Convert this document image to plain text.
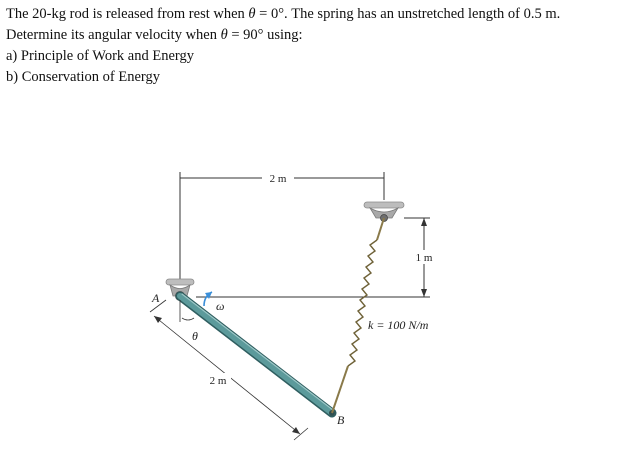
The 20-kg rod is released from rest when θ = 0°. The spring has an unstretched length of 0.5 m.

Determine its angular velocity when θ = 90° using:

a) Principle of Work and Energy

b) Conservation of Energy

2 m
1 m
A
B
k = 100 N/m
θ
ω
2 m
